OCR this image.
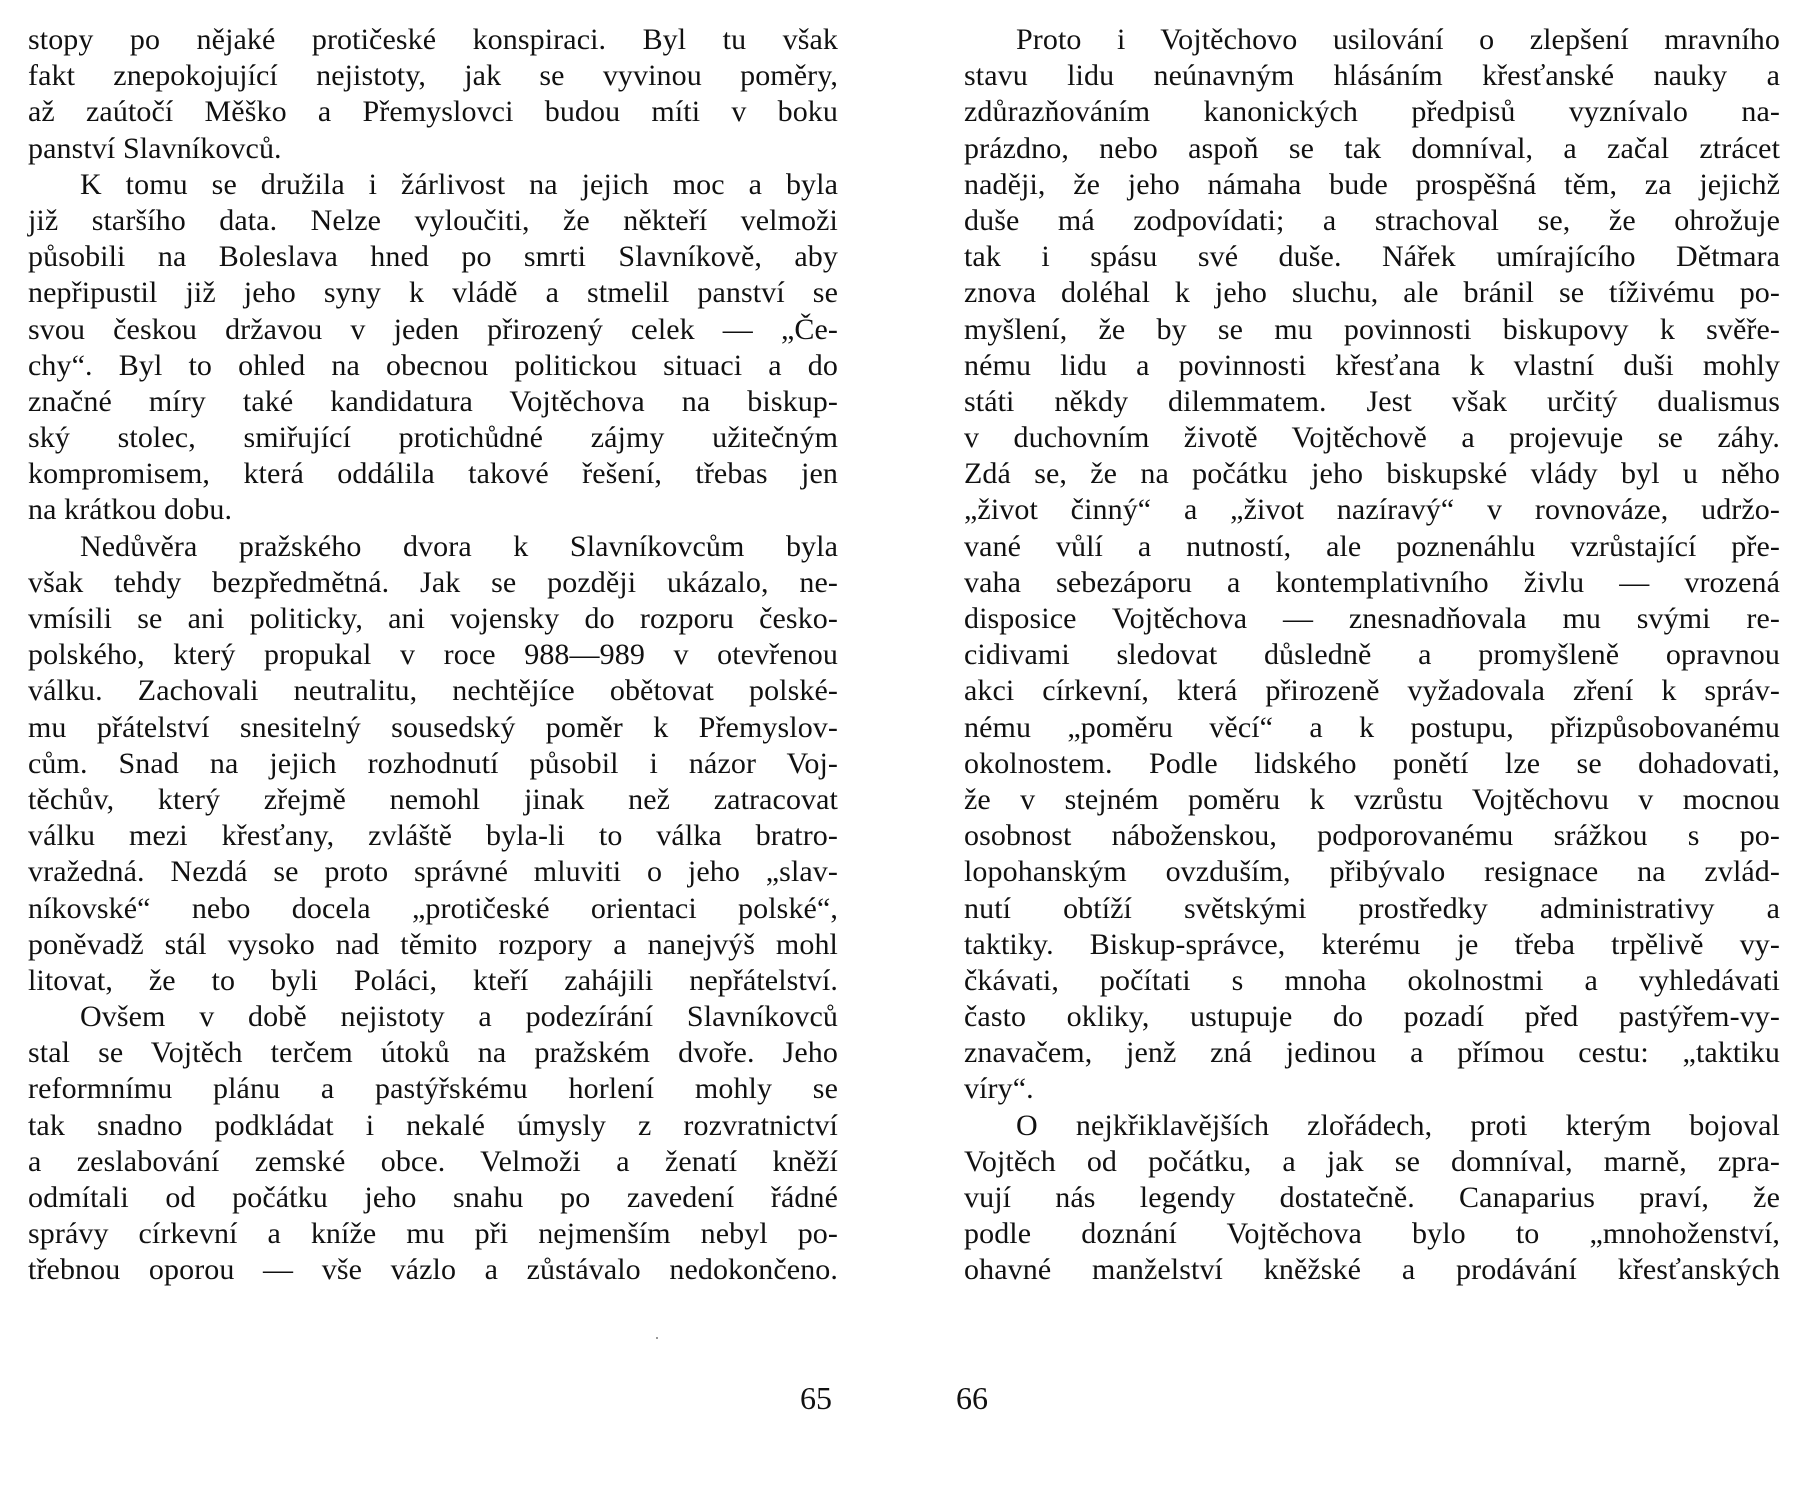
stopy po nějaké protičeské konspiraci. Byl tu však
fakt znepokojující nejistoty, jak se vyvinou poměry,
až zaútočí Měško a Přemyslovci budou míti v boku
panství Slavníkovců.
K tomu se družila i žárlivost na jejich moc a byla
již staršího data. Nelze vyloučiti, že někteří velmoži
působili na Boleslava hned po smrti Slavníkově, aby
nepřipustil již jeho syny k vládě a stmelil panství se
svou českou državou v jeden přirozený celek — „Če-
chy“. Byl to ohled na obecnou politickou situaci a do
značné míry také kandidatura Vojtěchova na biskup-
ský stolec, smiřující protichůdné zájmy užitečným
kompromisem, která oddálila takové řešení, třebas jen
na krátkou dobu.
Nedůvěra pražského dvora k Slavníkovcům byla
však tehdy bezpředmětná. Jak se později ukázalo, ne-
vmísili se ani politicky, ani vojensky do rozporu česko-
polského, který propukal v roce 988—989 v otevřenou
válku. Zachovali neutralitu, nechtějíce obětovat polské-
mu přátelství snesitelný sousedský poměr k Přemyslov-
cům. Snad na jejich rozhodnutí působil i názor Voj-
těchův, který zřejmě nemohl jinak než zatracovat
válku mezi křesťany, zvláště byla-li to válka bratro-
vražedná. Nezdá se proto správné mluviti o jeho „slav-
níkovské“ nebo docela „protičeské orientaci polské“,
poněvadž stál vysoko nad těmito rozpory a nanejvýš mohl
litovat, že to byli Poláci, kteří zahájili nepřátelství.
Ovšem v době nejistoty a podezírání Slavníkovců
stal se Vojtěch terčem útoků na pražském dvoře. Jeho
reformnímu plánu a pastýřskému horlení mohly se
tak snadno podkládat i nekalé úmysly z rozvratnictví
a zeslabování zemské obce. Velmoži a ženatí kněží
odmítali od počátku jeho snahu po zavedení řádné
správy církevní a kníže mu při nejmenším nebyl po-
třebnou oporou — vše vázlo a zůstávalo nedokončeno.
65
Proto i Vojtěchovo usilování o zlepšení mravního
stavu lidu neúnavným hlásáním křesťanské nauky a
zdůrazňováním kanonických předpisů vyznívalo na-
prázdno, nebo aspoň se tak domníval, a začal ztrácet
naději, že jeho námaha bude prospěšná těm, za jejichž
duše má zodpovídati; a strachoval se, že ohrožuje
tak i spásu své duše. Nářek umírajícího Dětmara
znova doléhal k jeho sluchu, ale bránil se tíživému po-
myšlení, že by se mu povinnosti biskupovy k svěře-
nému lidu a povinnosti křesťana k vlastní duši mohly
státi někdy dilemmatem. Jest však určitý dualismus
v duchovním životě Vojtěchově a projevuje se záhy.
Zdá se, že na počátku jeho biskupské vlády byl u něho
„život činný“ a „život nazíravý“ v rovnováze, udržo-
vané vůlí a nutností, ale poznenáhlu vzrůstající pře-
vaha sebezáporu a kontemplativního živlu — vrozená
disposice Vojtěchova — znesnadňovala mu svými re-
cidivami sledovat důsledně a promyšleně opravnou
akci církevní, která přirozeně vyžadovala zření k správ-
nému „poměru věcí“ a k postupu, přizpůsobovanému
okolnostem. Podle lidského ponětí lze se dohadovati,
že v stejném poměru k vzrůstu Vojtěchovu v mocnou
osobnost náboženskou, podporovanému srážkou s po-
lopohanským ovzduším, přibývalo resignace na zvlád-
nutí obtíží světskými prostředky administrativy a
taktiky. Biskup-správce, kterému je třeba trpělivě vy-
čkávati, počítati s mnoha okolnostmi a vyhledávati
často okliky, ustupuje do pozadí před pastýřem-vy-
znavačem, jenž zná jedinou a přímou cestu: „taktiku
víry“.
O nejkřiklavějších zlořádech, proti kterým bojoval
Vojtěch od počátku, a jak se domníval, marně, zpra-
vují nás legendy dostatečně. Canaparius praví, že
podle doznání Vojtěchova bylo to „mnohoženství,
ohavné manželství kněžské a prodávání křesťanských
66
